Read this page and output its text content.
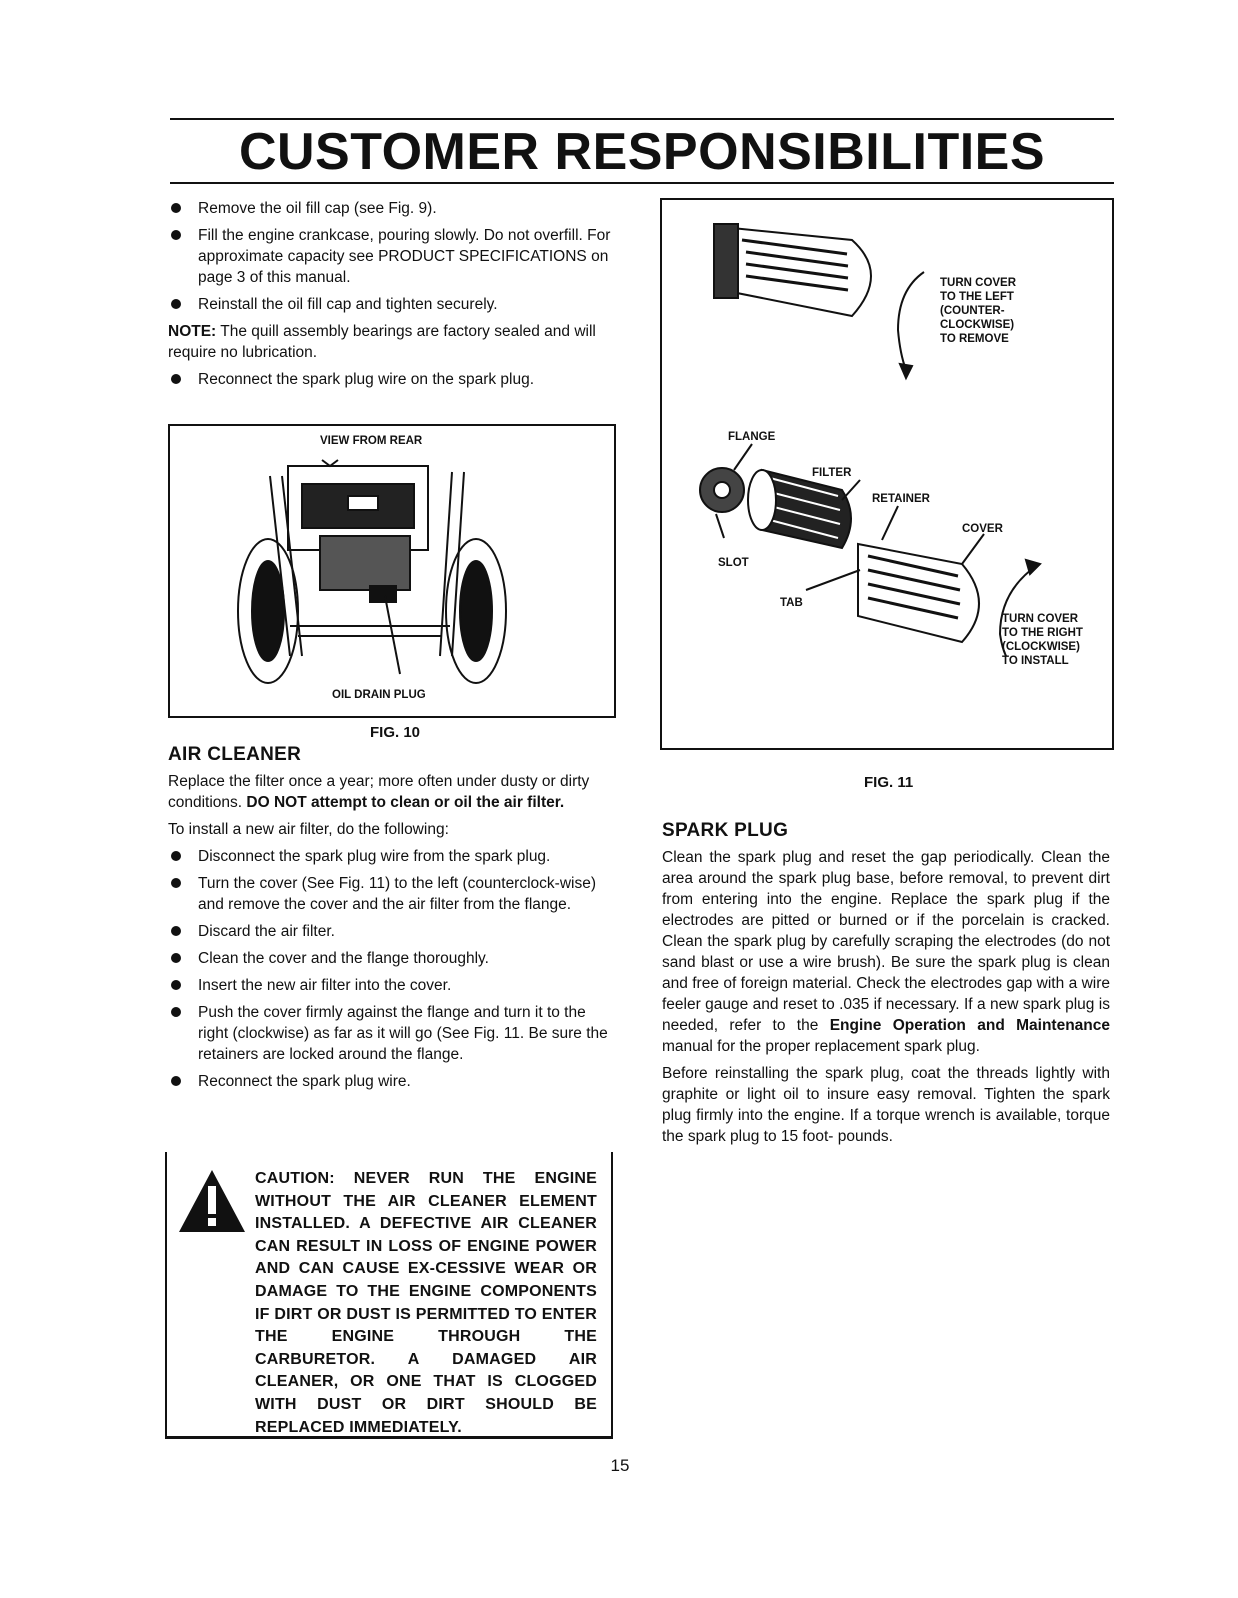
CUSTOMER RESPONSIBILITIES

Remove the oil fill cap (see Fig. 9).

Fill the engine crankcase, pouring slowly. Do not overfill. For approximate capacity see PRODUCT SPECIFICATIONS on page 3 of this manual.

Reinstall the oil fill cap and tighten securely.

NOTE: The quill assembly bearings are factory sealed and will require no lubrication.

Reconnect the spark plug wire on the spark plug.

VIEW FROM REAR
OIL DRAIN PLUG
FIG. 10
AIR CLEANER

Replace the filter once a year; more often under dusty or dirty conditions. DO NOT attempt to clean or oil the air filter.

To install a new air filter, do the following:

Disconnect the spark plug wire from the spark plug.

Turn the cover (See Fig. 11) to the left (counterclock-wise) and remove the cover and the air filter from the flange.

Discard the air filter.

Clean the cover and the flange thoroughly.

Insert the new air filter into the cover.

Push the cover firmly against the flange and turn it to the right (clockwise) as far as it will go (See Fig. 11. Be sure the retainers are locked around the flange.

Reconnect the spark plug wire.

CAUTION: NEVER RUN THE ENGINE WITHOUT THE AIR CLEANER ELEMENT INSTALLED. A DEFECTIVE AIR CLEANER CAN RESULT IN LOSS OF ENGINE POWER AND CAN CAUSE EX-CESSIVE WEAR OR DAMAGE TO THE ENGINE COMPONENTS IF DIRT OR DUST IS PERMITTED TO ENTER THE ENGINE THROUGH THE CARBURETOR. A DAMAGED AIR CLEANER, OR ONE THAT IS CLOGGED WITH DUST OR DIRT SHOULD BE REPLACED IMMEDIATELY.
TURN COVER
TO THE LEFT
(COUNTER-
CLOCKWISE)
TO REMOVE
FLANGE
FILTER
RETAINER
COVER
SLOT
TAB
TURN COVER
TO THE RIGHT
(CLOCKWISE)
TO INSTALL
FIG. 11
SPARK PLUG

Clean the spark plug and reset the gap periodically. Clean the area around the spark plug base, before removal, to prevent dirt from entering into the engine. Replace the spark plug if the electrodes are pitted or burned or if the porcelain is cracked. Clean the spark plug by carefully scraping the electrodes (do not sand blast or use a wire brush). Be sure the spark plug is clean and free of foreign material. Check the electrodes gap with a wire feeler gauge and reset to .035 if necessary. If a new spark plug is needed, refer to the Engine Operation and Maintenance manual for the proper replacement spark plug.

Before reinstalling the spark plug, coat the threads lightly with graphite or light oil to insure easy removal. Tighten the spark plug firmly into the engine. If a torque wrench is available, torque the spark plug to 15 foot- pounds.

15
